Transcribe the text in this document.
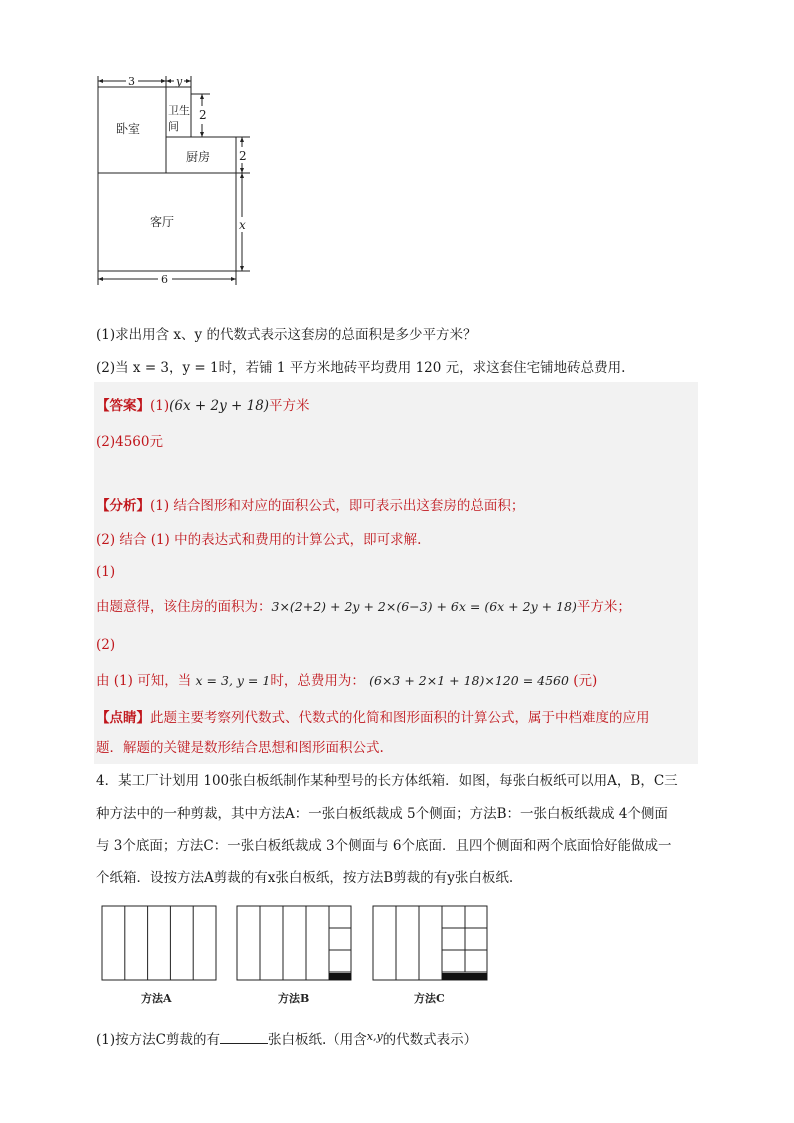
3	y
2
2
x
6
卧室
卫生
间
厨房
客厅
(1)求出用含 x、y 的代数式表示这套房的总面积是多少平方米？
(2)当 x = 3，y = 1时，若铺 1 平方米地砖平均费用 120 元，求这套住宅铺地砖总费用.
【答案】(1)(6x + 2y + 18)平方米
(2)4560元
【分析】(1) 结合图形和对应的面积公式，即可表示出这套房的总面积；
(2) 结合 (1) 中的表达式和费用的计算公式，即可求解.
(1)
由题意得，该住房的面积为：3×(2+2) + 2y + 2×(6−3) + 6x = (6x + 2y + 18)平方米；
(2)
由 (1) 可知，当 x = 3, y = 1时，总费用为： (6×3 + 2×1 + 18)×120 = 4560 (元)
【点睛】此题主要考察列代数式、代数式的化简和图形面积的计算公式，属于中档难度的应用
题．解题的关键是数形结合思想和图形面积公式.
4．某工厂计划用 100张白板纸制作某种型号的长方体纸箱．如图，每张白板纸可以用A，B，C三
种方法中的一种剪裁，其中方法A：一张白板纸裁成 5个侧面；方法B：一张白板纸裁成 4个侧面
与 3个底面；方法C：一张白板纸裁成 3个侧面与 6个底面．且四个侧面和两个底面恰好能做成一
个纸箱．设按方法A剪裁的有x张白板纸，按方法B剪裁的有y张白板纸.
方法A	方法B	方法C
(1)按方法C剪裁的有	张白板纸.（用含$^{x,y}$的代数式表示）
